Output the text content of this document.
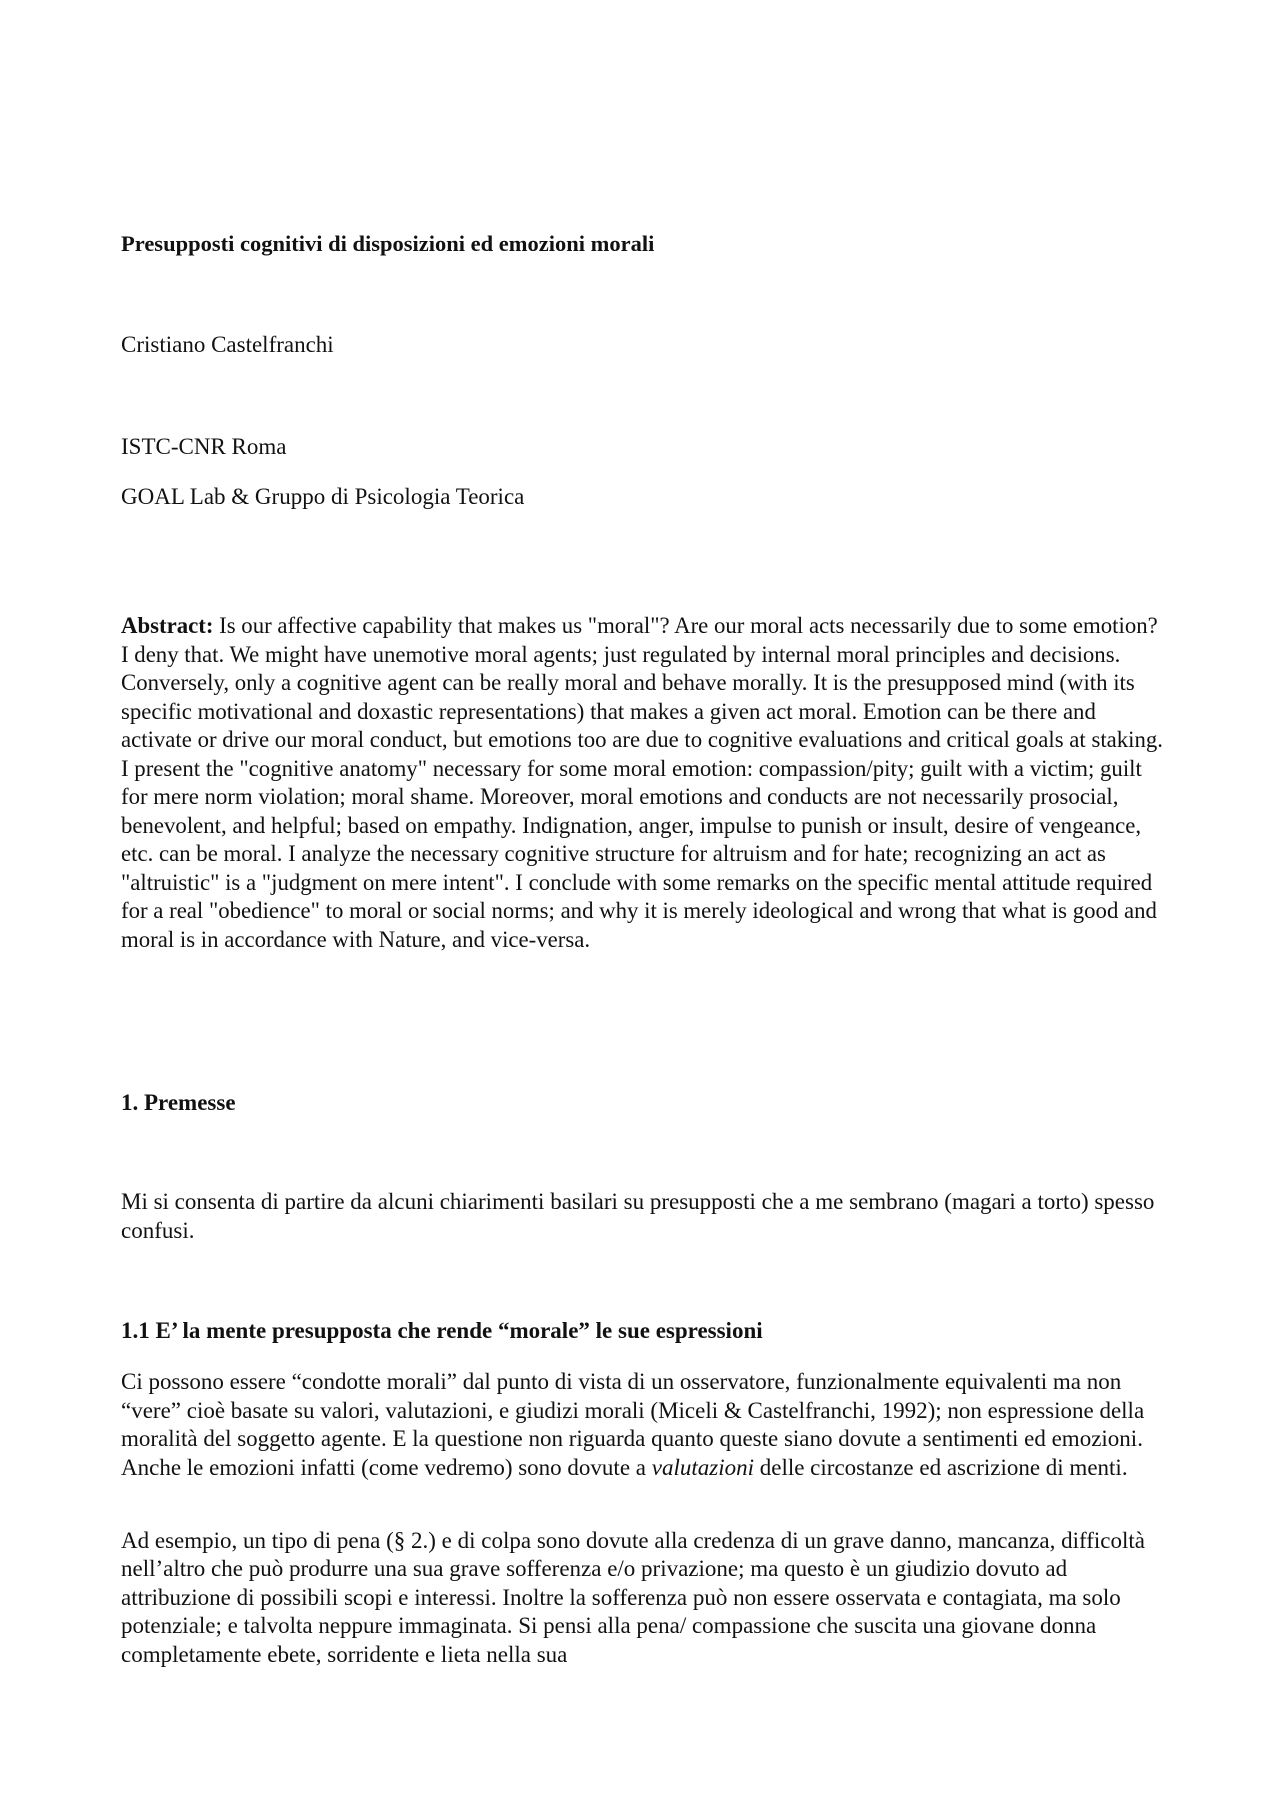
Presupposti cognitivi di disposizioni ed emozioni morali

Cristiano Castelfranchi

ISTC-CNR Roma

GOAL Lab & Gruppo di Psicologia Teorica

Abstract: Is our affective capability that makes us "moral"? Are our moral acts necessarily due to some emotion? I deny that. We might have unemotive moral agents; just regulated by internal moral principles and decisions. Conversely, only a cognitive agent can be really moral and behave morally. It is the presupposed mind (with its specific motivational and doxastic representations) that makes a given act moral. Emotion can be there and activate or drive our moral conduct, but emotions too are due to cognitive evaluations and critical goals at staking. I present the "cognitive anatomy" necessary for some moral emotion: compassion/pity; guilt with a victim; guilt for mere norm violation; moral shame. Moreover, moral emotions and conducts are not necessarily prosocial, benevolent, and helpful; based on empathy. Indignation, anger, impulse to punish or insult, desire of vengeance, etc. can be moral. I analyze the necessary cognitive structure for altruism and for hate; recognizing an act as "altruistic" is a "judgment on mere intent". I conclude with some remarks on the specific mental attitude required for a real "obedience" to moral or social norms; and why it is merely ideological and wrong that what is good and moral is in accordance with Nature, and vice-versa.

1. Premesse

Mi si consenta di partire da alcuni chiarimenti basilari su presupposti che a me sembrano (magari a torto) spesso confusi.

1.1 E’ la mente presupposta che rende “morale” le sue espressioni

Ci possono essere “condotte morali” dal punto di vista di un osservatore, funzionalmente equivalenti ma non “vere” cioè basate su valori, valutazioni, e giudizi morali (Miceli & Castelfranchi, 1992); non espressione della moralità del soggetto agente. E la questione non riguarda quanto queste siano dovute a sentimenti ed emozioni. Anche le emozioni infatti (come vedremo) sono dovute a valutazioni delle circostanze ed ascrizione di menti.

Ad esempio, un tipo di pena (§ 2.) e di colpa sono dovute alla credenza di un grave danno, mancanza, difficoltà nell’altro che può produrre una sua grave sofferenza e/o privazione; ma questo è un giudizio dovuto ad attribuzione di possibili scopi e interessi. Inoltre la sofferenza può non essere osservata e contagiata, ma solo potenziale; e talvolta neppure immaginata. Si pensi alla pena/ compassione che suscita una giovane donna completamente ebete, sorridente e lieta nella sua
